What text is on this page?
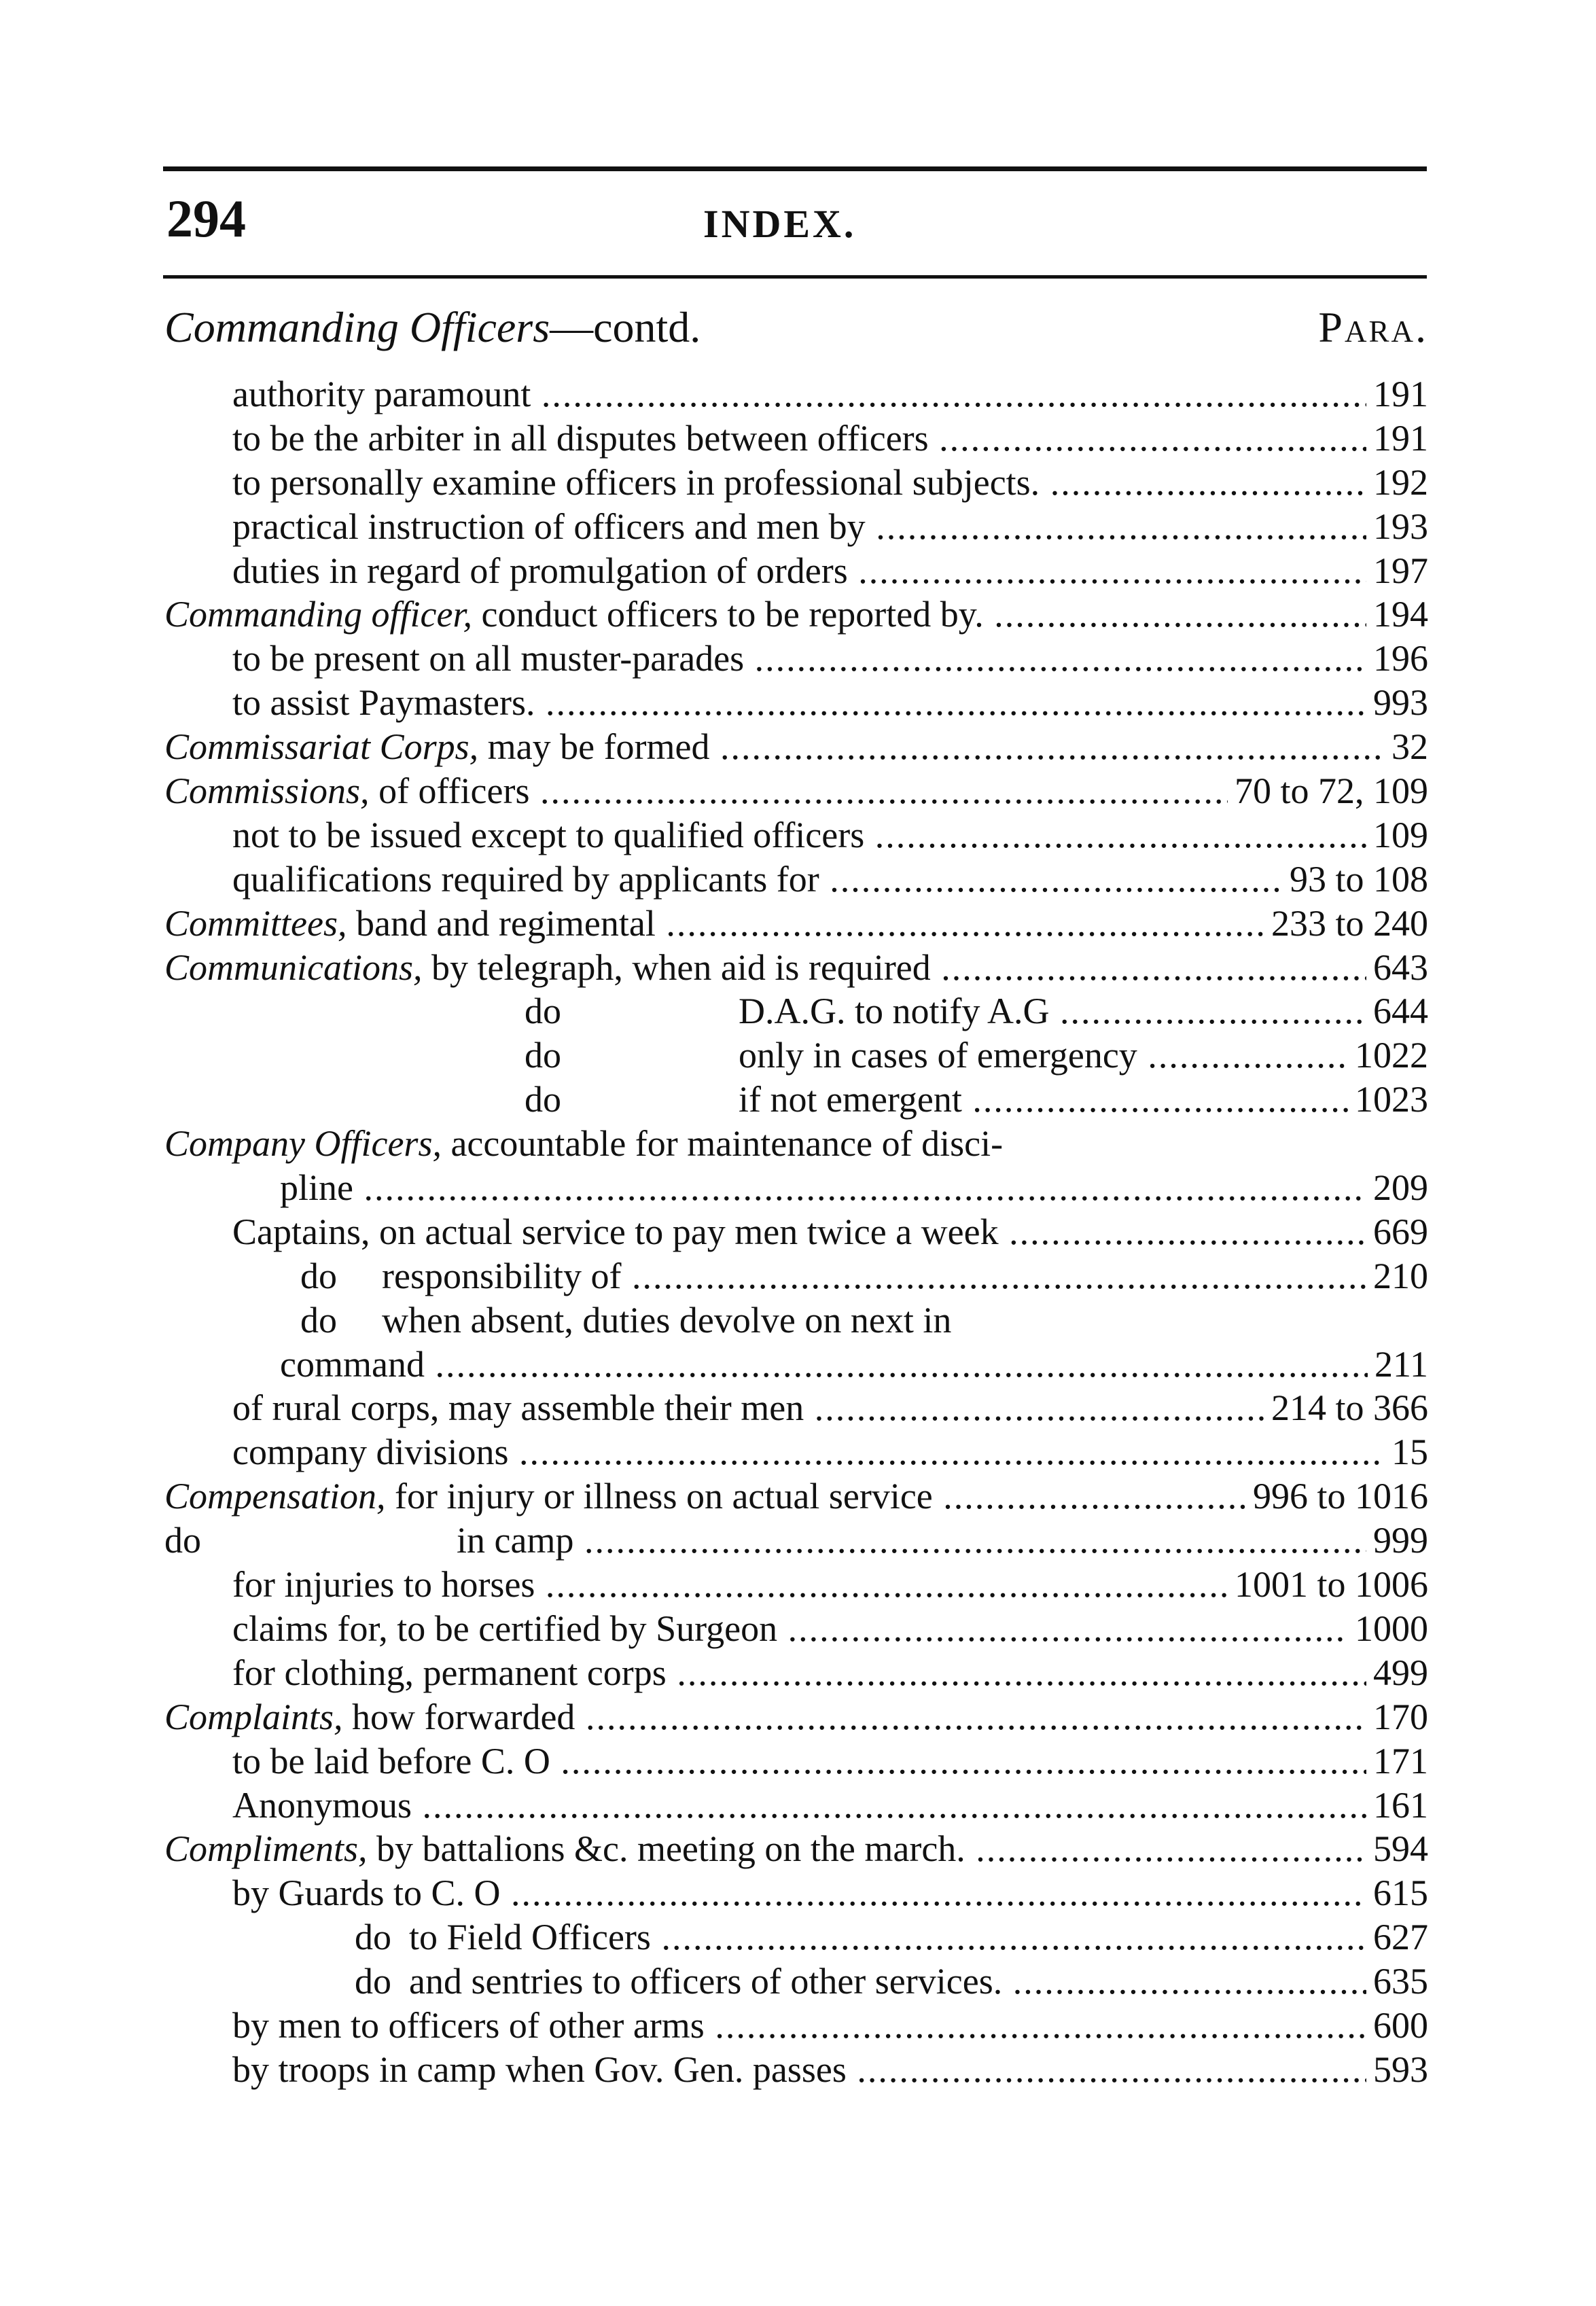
294	INDEX.
Commanding Officers—contd.	Para.
authority paramount .....	191
to be the arbiter in all disputes between officers .....	191
to personally examine officers in professional subjects. .....	192
practical instruction of officers and men by .....	193
duties in regard of promulgation of orders .....	197
Commanding officer, conduct officers to be reported by. .....	194
to be present on all muster-parades .....	196
to assist Paymasters. .....	993
Commissariat Corps, may be formed .....	32
Commissions, of officers .....	70 to 72, 109
not to be issued except to qualified officers .....	109
qualifications required by applicants for .....	93 to 108
Committees, band and regimental .....	233 to 240
Communications, by telegraph, when aid is required .....	643
do	D.A.G. to notify A.G .....	644
do	only in cases of emergency .....	1022
do	if not emergent .....	1023
Company Officers, accountable for maintenance of disci-
pline .....	209
Captains, on actual service to pay men twice a week .....	669
do	responsibility of .....	210
do	when absent, duties devolve on next in
command .....	211
of rural corps, may assemble their men .....	214 to 366
company divisions .....	15
Compensation, for injury or illness on actual service .....	996 to 1016
do	in camp .....	999
for injuries to horses .....	1001 to 1006
claims for, to be certified by Surgeon .....	1000
for clothing, permanent corps .....	499
Complaints, how forwarded .....	170
to be laid before C. O .....	171
Anonymous .....	161
Compliments, by battalions &c. meeting on the march. .....	594
by Guards to C. O .....	615
do to Field Officers .....	627
do and sentries to officers of other services. .....	635
by men to officers of other arms .....	600
by troops in camp when Gov. Gen. passes .....	593
